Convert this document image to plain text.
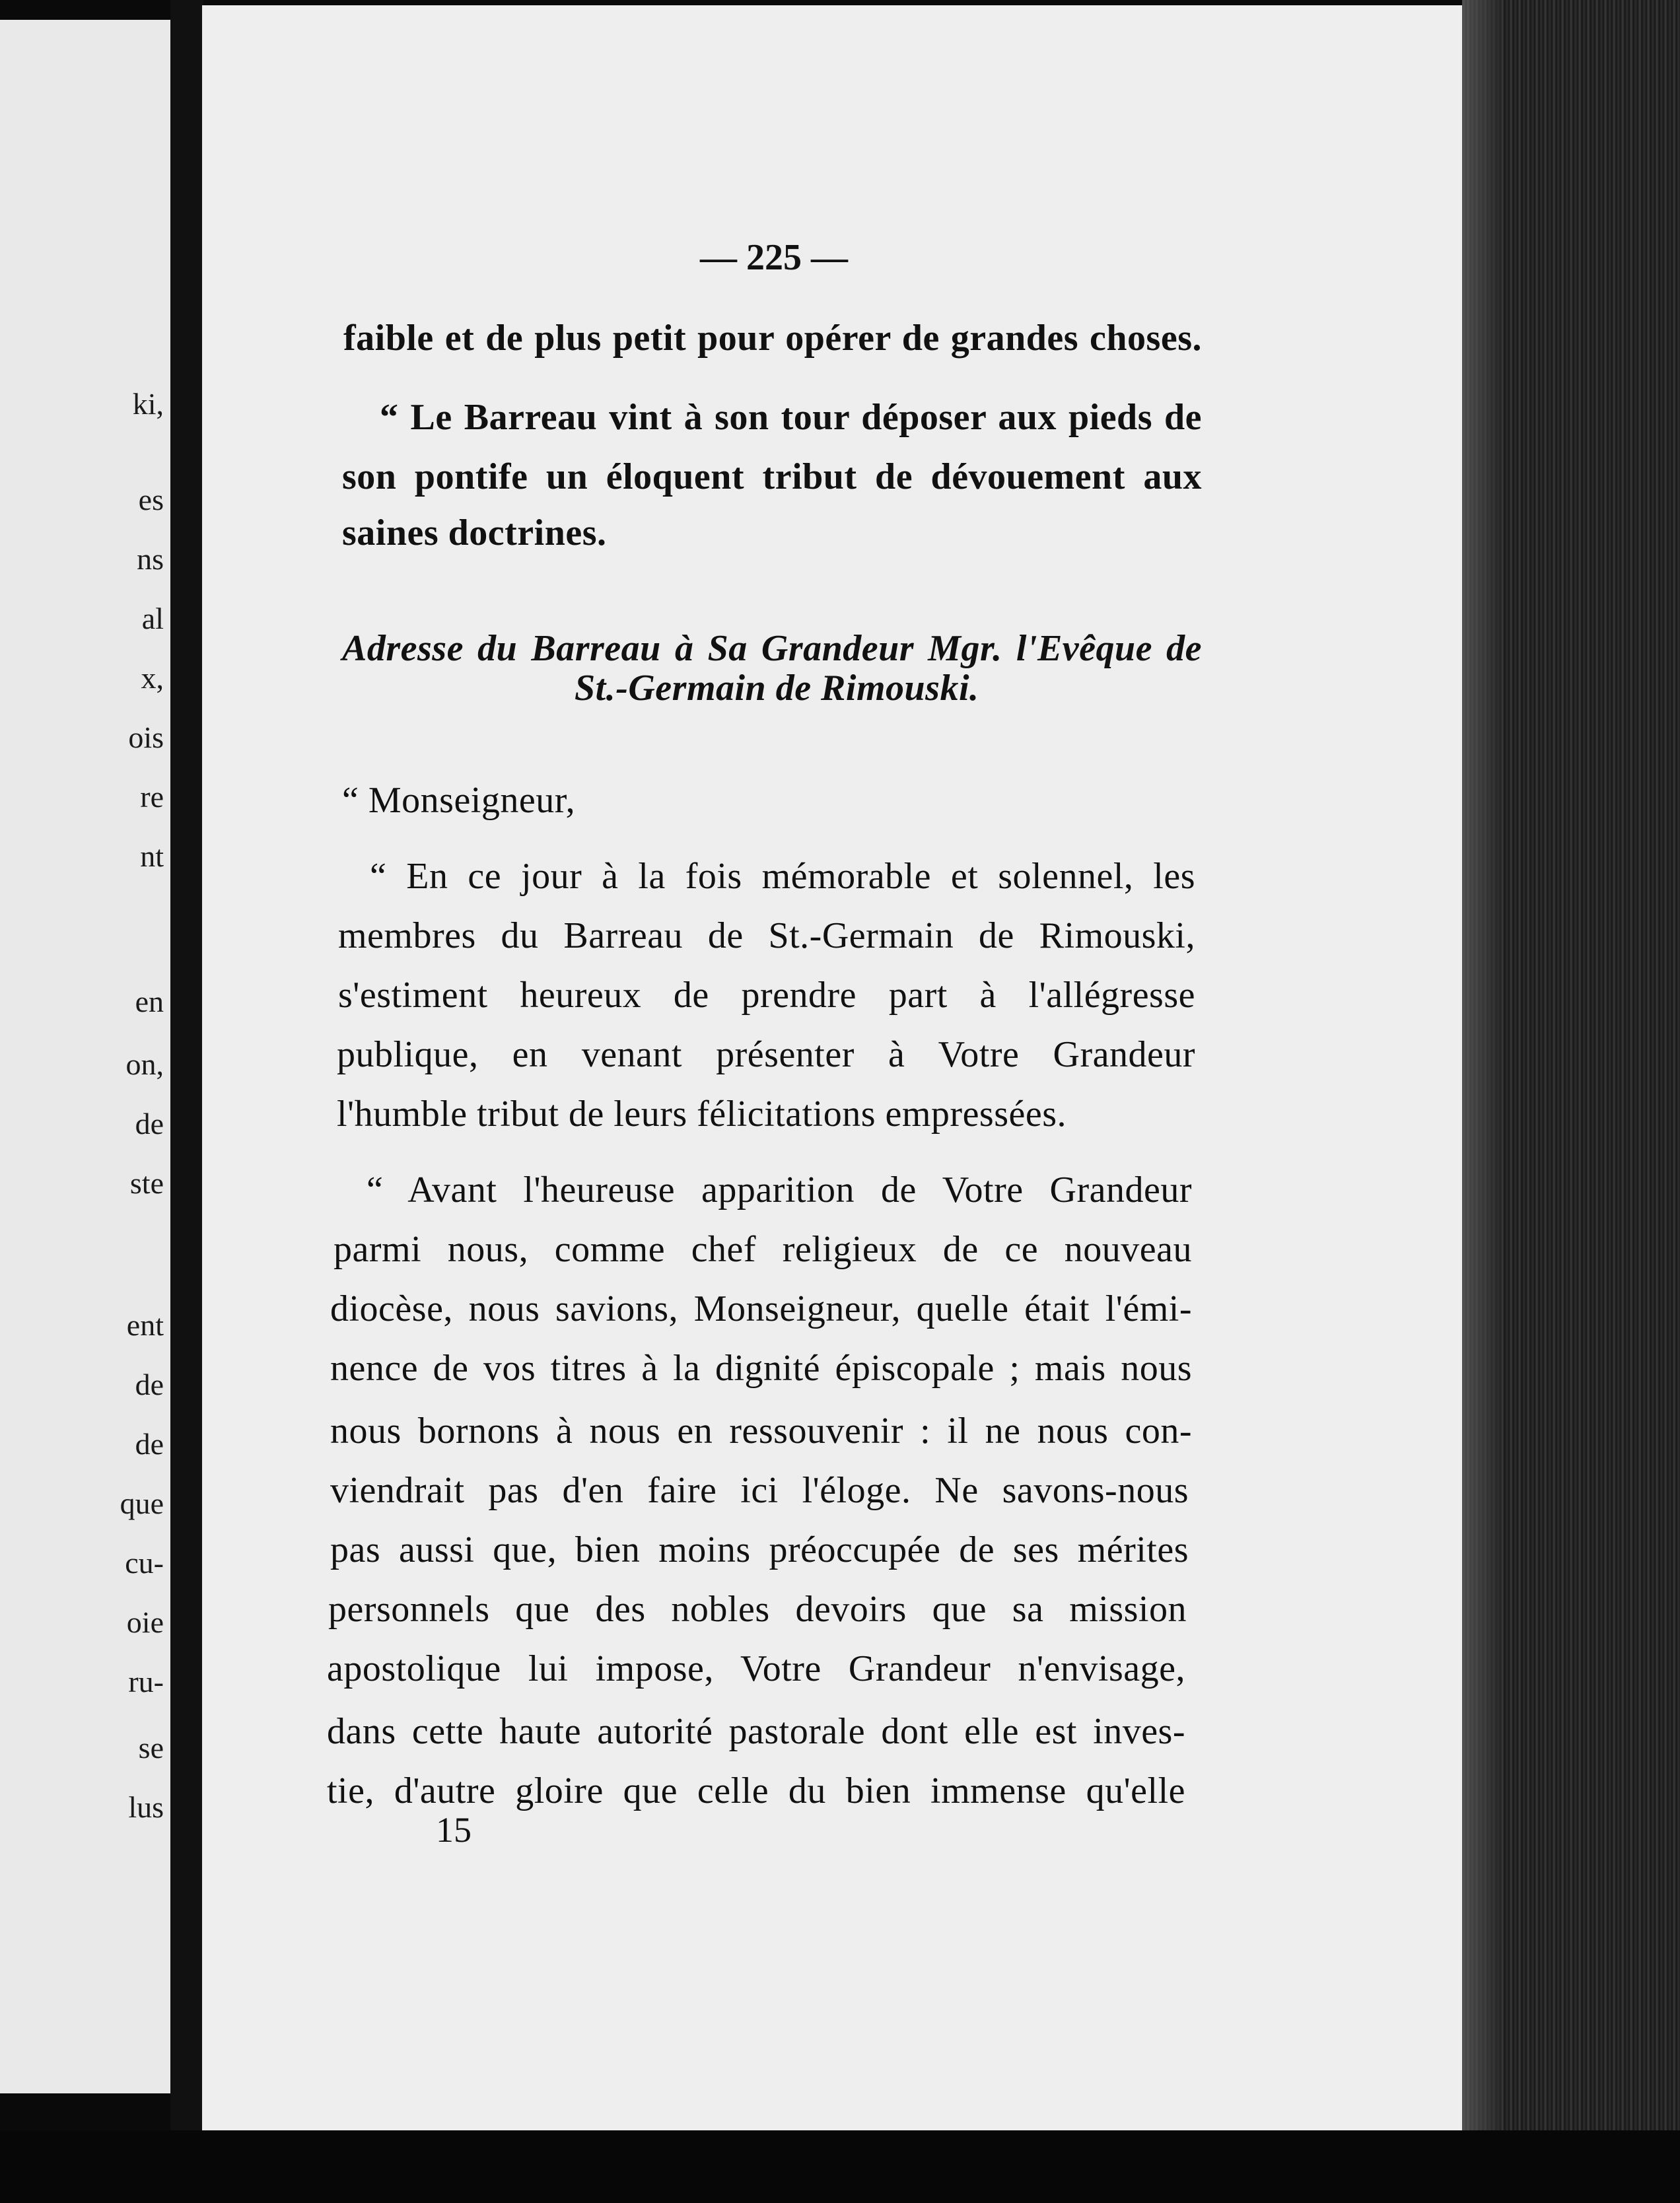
ki,
es
ns
al
x,
ois
re
nt
en
on,
de
ste
ent
de
de
que
cu-
oie
ru-
se
lus
— 225 —
faible et de plus petit pour opérer de grandes choses.
“ Le Barreau vint à son tour déposer aux pieds de
son pontife un éloquent tribut de dévouement aux
saines doctrines.
Adresse du Barreau à Sa Grandeur Mgr. l'Evêque de
St.-Germain de Rimouski.
“ Monseigneur,
“ En ce jour à la fois mémorable et solennel, les
membres du Barreau de St.-Germain de Rimouski,
s'estiment heureux de prendre part à l'allégresse
publique, en venant présenter à Votre Grandeur
l'humble tribut de leurs félicitations empressées.
“ Avant l'heureuse apparition de Votre Grandeur
parmi nous, comme chef religieux de ce nouveau
diocèse, nous savions, Monseigneur, quelle était l'émi-
nence de vos titres à la dignité épiscopale ; mais nous
nous bornons à nous en ressouvenir : il ne nous con-
viendrait pas d'en faire ici l'éloge. Ne savons-nous
pas aussi que, bien moins préoccupée de ses mérites
personnels que des nobles devoirs que sa mission
apostolique lui impose, Votre Grandeur n'envisage,
dans cette haute autorité pastorale dont elle est inves-
tie, d'autre gloire que celle du bien immense qu'elle
15
